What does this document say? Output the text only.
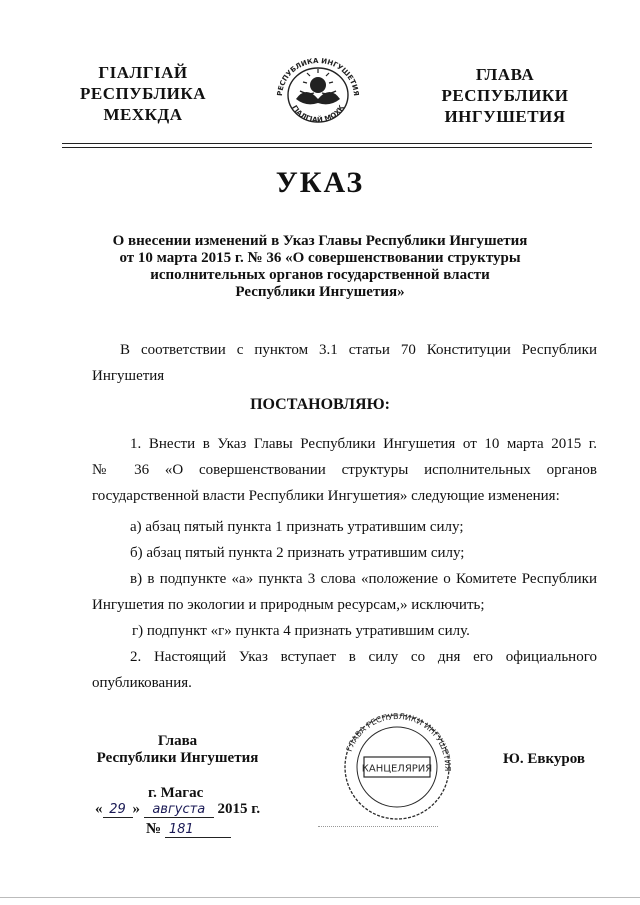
ГІАЛГІАЙ
РЕСПУБЛИКА
МЕХКДА
РЕСПУБЛИКА ИНГУШЕТИЯ
ГІАЛГІАЙ МОХК
ГЛАВА
РЕСПУБЛИКИ
ИНГУШЕТИЯ
УКАЗ
О внесении изменений в Указ Главы Республики Ингушетия
от 10 марта 2015 г. № 36 «О совершенствовании структуры
исполнительных органов государственной власти
Республики Ингушетия»
В соответствии с пунктом 3.1 статьи 70 Конституции Республики Ингушетия
ПОСТАНОВЛЯЮ:
1. Внести в Указ Главы Республики Ингушетия от 10 марта 2015 г.
№ 36 «О совершенствовании структуры исполнительных органов
государственной власти Республики Ингушетия» следующие изменения:
а) абзац пятый пункта 1 признать утратившим силу;
б) абзац пятый пункта 2 признать утратившим силу;
в) в подпункте «а» пункта 3 слова «положение о Комитете Республики Ингушетия по экологии и природным ресурсам,» исключить;
г) подпункт «г» пункта 4 признать утратившим силу.
2. Настоящий Указ вступает в силу со дня его официального
опубликования.
Глава
Республики Ингушетия
ГЛАВА РЕСПУБЛИКИ ИНГУШЕТИЯ
КАНЦЕЛЯРИЯ
Ю. Евкуров
г. Магас
« 29 » августа 2015 г.
№ 181
